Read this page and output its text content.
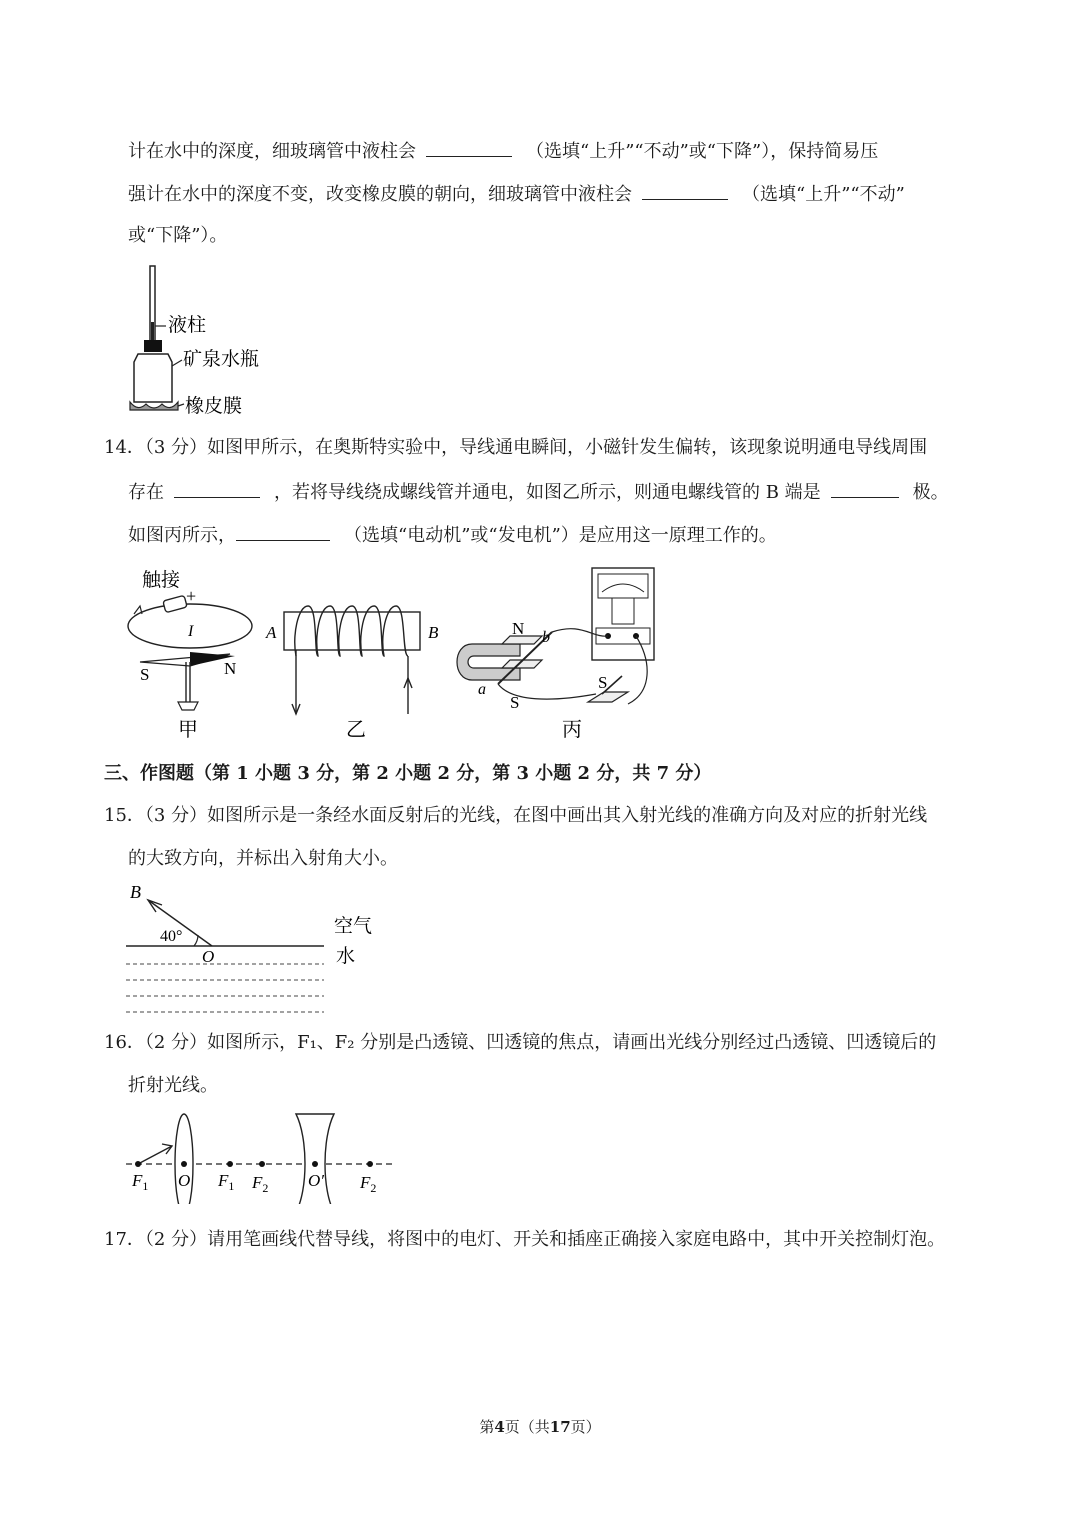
计在水中的深度，细玻璃管中液柱会	（选填“上升”“不动”或“下降”），保持简易压
强计在水中的深度不变，改变橡皮膜的朝向，细玻璃管中液柱会	（选填“上升”“不动”
或“下降”）。
液柱
矿泉水瓶
橡皮膜
14．（3 分）如图甲所示，在奥斯特实验中，导线通电瞬间，小磁针发生偏转，该现象说明通电导线周围
存在	，若将导线绕成螺线管并通电，如图乙所示，则通电螺线管的 B 端是	极。
如图丙所示，	（选填“电动机”或“发电机”）是应用这一原理工作的。
触接
+
I
S	N
甲
A	B
乙
N b
a
S
S
丙
三、作图题（第 1 小题 3 分，第 2 小题 2 分，第 3 小题 2 分，共 7 分）
15．（3 分）如图所示是一条经水面反射后的光线，在图中画出其入射光线的准确方向及对应的折射光线
的大致方向，并标出入射角大小。
B
40°
O
空气
水
16．（2 分）如图所示，F₁、F₂ 分别是凸透镜、凹透镜的焦点，请画出光线分别经过凸透镜、凹透镜后的
折射光线。
$F_1$ O $F_1$ $F_2$ O′ $F_2$
17．（2 分）请用笔画线代替导线，将图中的电灯、开关和插座正确接入家庭电路中，其中开关控制灯泡。
第4页（共17页）
